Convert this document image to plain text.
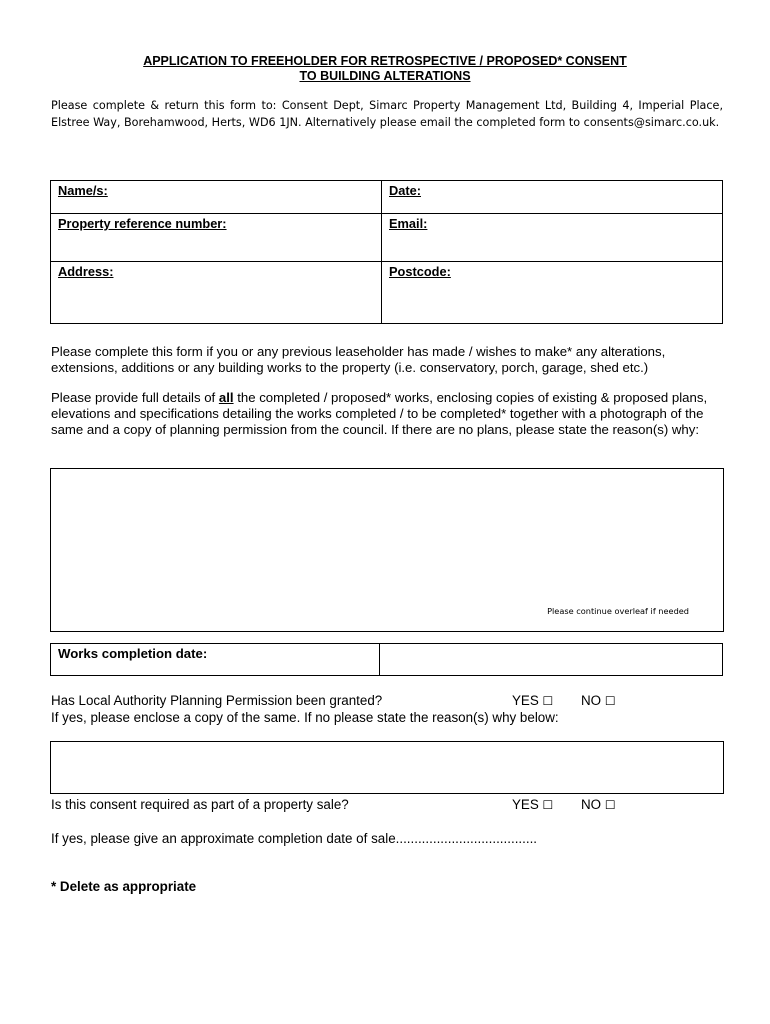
APPLICATION TO FREEHOLDER FOR RETROSPECTIVE / PROPOSED* CONSENT
TO BUILDING ALTERATIONS
Please complete & return this form to: Consent Dept, Simarc Property Management Ltd, Building 4, Imperial Place, Elstree Way, Borehamwood, Herts, WD6 1JN. Alternatively please email the completed form to consents@simarc.co.uk.
Name/s:	Date:
Property reference number:	Email:
Address:	Postcode:
Please complete this form if you or any previous leaseholder has made / wishes to make* any alterations, extensions, additions or any building works to the property (i.e. conservatory, porch, garage, shed etc.)
Please provide full details of all the completed / proposed* works, enclosing copies of existing & proposed plans, elevations and specifications detailing the works completed / to be completed* together with a photograph of the same and a copy of planning permission from the council. If there are no plans, please state the reason(s) why:
Please continue overleaf if needed
Works completion date:	
Has Local Authority Planning Permission been granted?	YES ☐ NO ☐
If yes, please enclose a copy of the same. If no please state the reason(s) why below:
Is this consent required as part of a property sale?	YES ☐ NO ☐
If yes, please give an approximate completion date of sale......................................
* Delete as appropriate
